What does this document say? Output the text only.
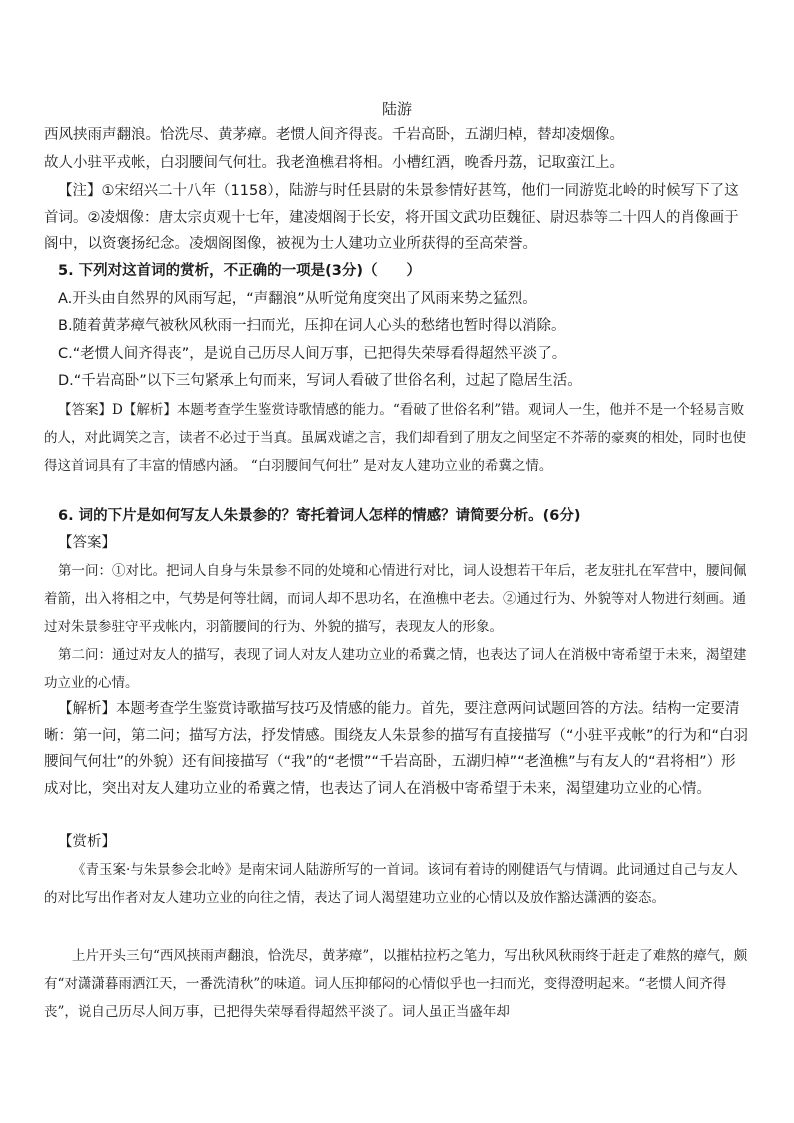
陆游

西风挟雨声翻浪。恰洗尽、黄茅瘴。老惯人间齐得丧。千岩高卧，五湖归棹，替却凌烟像。

故人小驻平戎帐，白羽腰间气何壮。我老渔樵君将相。小槽红酒，晚香丹荔，记取蛮江上。

【注】①宋绍兴二十八年（1158），陆游与时任县尉的朱景参情好甚笃，他们一同游览北岭的时候写下了这首词。②凌烟像：唐太宗贞观十七年，建凌烟阁于长安，将开国文武功臣魏征、尉迟恭等二十四人的肖像画于阁中，以资褒扬纪念。凌烟阁图像，被视为士人建功立业所获得的至高荣誉。

5. 下列对这首词的赏析，不正确的一项是(3分)（　　）

A.开头由自然界的风雨写起，“声翻浪”从听觉角度突出了风雨来势之猛烈。

B.随着黄茅瘴气被秋风秋雨一扫而光，压抑在词人心头的愁绪也暂时得以消除。

C.“老惯人间齐得丧”，是说自己历尽人间万事，已把得失荣辱看得超然平淡了。

D.“千岩高卧”以下三句紧承上句而来，写词人看破了世俗名利，过起了隐居生活。

【答案】D【解析】本题考查学生鉴赏诗歌情感的能力。“看破了世俗名利”错。观词人一生，他并不是一个轻易言败的人，对此调笑之言，读者不必过于当真。虽属戏谑之言，我们却看到了朋友之间坚定不芥蒂的豪爽的相处，同时也使得这首词具有了丰富的情感内涵。 “白羽腰间气何壮” 是对友人建功立业的希冀之情。

6. 词的下片是如何写友人朱景参的？寄托着词人怎样的情感？请简要分析。(6分)

【答案】

第一问：①对比。把词人自身与朱景参不同的处境和心情进行对比，词人设想若干年后，老友驻扎在军营中，腰间佩着箭，出入将相之中，气势是何等壮阔，而词人却不思功名，在渔樵中老去。②通过行为、外貌等对人物进行刻画。通过对朱景参驻守平戎帐内，羽箭腰间的行为、外貌的描写，表现友人的形象。

第二问：通过对友人的描写，表现了词人对友人建功立业的希冀之情，也表达了词人在消极中寄希望于未来，渴望建功立业的心情。

【解析】本题考查学生鉴赏诗歌描写技巧及情感的能力。首先，要注意两问试题回答的方法。结构一定要清晰：第一问，第二问；描写方法，抒发情感。围绕友人朱景参的描写有直接描写（“小驻平戎帐”的行为和“白羽腰间气何壮”的外貌）还有间接描写（“我”的“老惯”“千岩高卧，五湖归棹”“老渔樵”与有友人的“君将相”）形成对比，突出对友人建功立业的希冀之情，也表达了词人在消极中寄希望于未来，渴望建功立业的心情。

【赏析】

《青玉案·与朱景参会北岭》是南宋词人陆游所写的一首词。该词有着诗的刚健语气与情调。此词通过自己与友人的对比写出作者对友人建功立业的向往之情，表达了词人渴望建功立业的心情以及放作豁达潇洒的姿态。

上片开头三句“西风挟雨声翻浪，恰洗尽，黄茅瘴”，以摧枯拉朽之笔力，写出秋风秋雨终于赶走了难熬的瘴气，颇有“对潇潇暮雨洒江天，一番洗清秋”的味道。词人压抑郁闷的心情似乎也一扫而光，变得澄明起来。“老惯人间齐得丧”，说自己历尽人间万事，已把得失荣辱看得超然平淡了。词人虽正当盛年却
